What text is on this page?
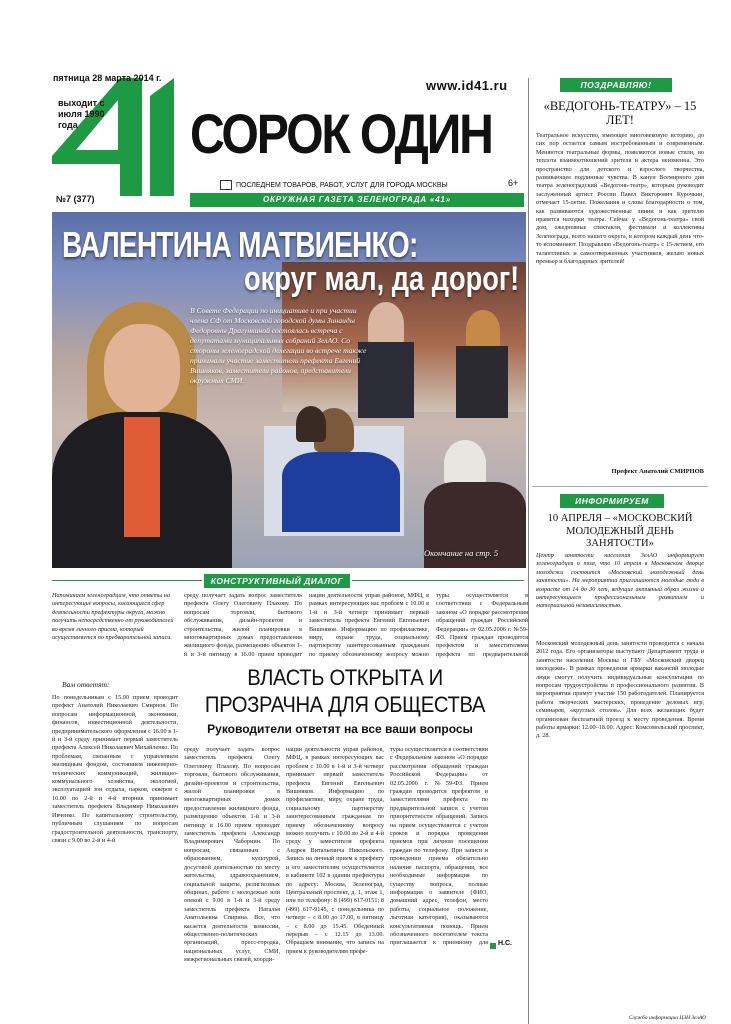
пятница 28 марта 2014 г.
выходит с июля 1990 года
№7 (377)
www.id41.ru
СОРОК ОДИН
ПОСЛЕДНЕМ ТОВАРОВ, РАБОТ, УСЛУГ ДЛЯ ГОРОДА МОСКВЫ	6+
ОКРУЖНАЯ ГАЗЕТА ЗЕЛЕНОГРАДА «41»
ВАЛЕНТИНА МАТВИЕНКО:
округ мал, да дорог!
В Совете Федерации по инициативе и при участии члена СФ от Московской городской думы Зинаиды Федоровны Драгункиной состоялась встреча с депутатами муниципальных собраний ЗелАО. Со стороны зеленоградской делегации во встрече также принимали участие заместитель префекта Евгений Вишняков, заместители районов, представители окружных СМИ.
Окончание на стр. 5
КОНСТРУКТИВНЫЙ ДИАЛОГ
Напоминаем зеленоградцам, что ответы на интересующие вопросы, касающиеся сфер деятельности префектуры округа, можно получить непосредственно от руководителей во время личного приема, который осуществляется по предварительной записи.
Вам ответят:
По понедельникам с 15.00 прием проводит префект Анатолий Николаевич Смирнов. По вопросам информационной, экономики, финансов, инвестиционной деятельности, предпринимательского оформления с 16.00 в 1-й и 3-й среду принимает первый заместитель префекта Алексей Николаевич Михайленко. По проблемам, связанным с управлением жилищным фондом, состоянием инженерно-технических коммуникаций, жилищно-коммунального хозяйства, экологией, эксплуатацией зон отдыха, парков, скверов с 10.00 по 2-й и 4-й вторник принимает заместитель префекта Владимир Николаевич Ивченко. По капитальному строительству, публичным слушаниям по вопросам градостроительной деятельности, транспорту, связи с 9.00 во 2-й и 4-й
среду получает задать вопрос заместитель префекта Олегу Олеговичу Плахову. По вопросам торговли, бытового обслуживания, дизайн-проектов и строительства, жилой планировки в многоквартирных домах предоставления жилищного фонда, размещению объектов 1-й и 3-й пятницу в 16.00 прием проводит
нации деятельности управ районов, МФЦ, в рамках интересующих вас проблем с 10.00 в 1-й и 3-й четверг принимает первый заместитель префекта Евгений Евгеньевич Вишняков. Информацию по профилактике, миру, охране труда, социальному партнерству заинтересованным гражданам по приему обозначенному вопросу можно
туры осуществляется в соответствии с Федеральным законом «О порядке рассмотрения обращений граждан Российской Федерации» от 02.05.2006 г. №59-ФЗ. Прием граждан проводится префектом и заместителями префекта по предварительной
ВЛАСТЬ ОТКРЫТА И ПРОЗРАЧНА ДЛЯ ОБЩЕСТВА
Руководители ответят на все ваши вопросы
среду получает задать вопрос заместитель префекта Олегу Олеговичу Плахову. По вопросам торговли, бытового обслуживания, дизайн-проектов и строительства, жилой планировки в многоквартирных домах предоставления жилищного фонда, размещению объектов 1-й и 3-й пятницу в 16.00 прием проводит заместитель префекта Александр Владимирович Чаборнин. По вопросам, связанным с образованием, культурой, досуговой деятельностью по месту жительства, здравоохранением, социальной защиты, религиозных общинах, работе с молодежью или опекой с 9.00 в 1-й и 3-й среду заместитель префекта Наталья Анатольевна Спирина. Все, что касается деятельности комиссии, общественно-политических организаций, пресс-городка, национальных услуг, СМИ, межрегиональных связей, коорди-
нации деятельности управ районов, МФЦ, в рамках интересующих вас проблем с 10.00 в 1-й и 3-й четверг принимает первый заместитель префекта Евгений Евгеньевич Вишняков. Информацию по профилактике, миру, охране труда, социальному партнерству заинтересованным гражданам по приему обозначенному вопросу можно получить с 10.00 во 2-й и 4-й среду у заместителя префекта Андрея Витальевича Никольского. Запись на личный прием к префекту и его заместителям осуществляется в кабинете 102 в здании префектуры по адресу: Москва, Зеленоград, Центральный проспект, д. 1, этаж 1, или по телефону: 8 (499) 617-0151; 8 (499) 617-9145, с понедельника по четверг – с 8.00 до 17.00, в пятницу – с 8.00 до 15.45. Обеденный перерыв – с 12.15 до 13.00. Обращаем внимание, что запись на прием к руководителям префе-
туры осуществляется в соответствии с Федеральным законом «О порядке рассмотрения обращений граждан Российской Федерации» от 02.05.2006 г. №59-ФЗ. Прием граждан проводится префектом и заместителями префекта по предварительной записи с учетом приоритетности обращений. Запись на прием осуществляется с учетом сроков и порядка проведения приемов при личном посещении граждан по телефону. При записи и проведении приема обязательно наличие паспорта, обращения, все необходимые информация по существу вопроса, полные информация о заявителе (ФИО, домашний адрес, телефон, место работы, социальное положение, льготная категория), оказываются консультативная помощь. Прием обозначенного посетителем текста приглашается к приемному для Н.С.
ПОЗДРАВЛЯЮ!
«ВЕДОГОНЬ-ТЕАТРУ» – 15 ЛЕТ!
Театральное искусство, имеющее многовековую историю, до сих пор остается самым востребованным и современным. Меняются театральные формы, появляются новые стили, но теплота взаимоотношений зрителя и актера неизменна. Это пространство для детского и взрослого творчества, развивающее подлинные чувства. В канун Всемирного дня театра зеленоградский «Ведогонь-театр», которым руководит заслуженный артист России Павел Викторович Курочкин, отмечает 15-летие. Пожелания и слова благодарности о том, как развиваются художественные линии и как зрителю нравятся находки театра. Сейчас у «Ведогонь-театра» свой дом, ежедневные спектакли, фестивали и коллективы Зеленограда, всего нашего округа, в котором каждый день что-то вспоминают. Поздравляю «Ведогонь-театр» с 15-летием, его талантливых и самоотверженных участников, желаю новых премьер и благодарных зрителей!
Префект Анатолий СМИРНОВ
ИНФОРМИРУЕМ
10 АПРЕЛЯ – «МОСКОВСКИЙ МОЛОДЕЖНЫЙ ДЕНЬ ЗАНЯТОСТИ»
Центр занятости населения ЗелАО информирует зеленоградцев о том, что 10 апреля в Московском дворце молодежи состоится «Московский молодежный день занятости». На мероприятии приглашаются молодые люди в возрасте от 14 до 30 лет, ведущие активный образ жизни и интересующиеся профессиональным развитием и материальной независимостью.
Московский молодежный день занятости проводится с начала 2012 года. Его организаторы выступают Департамент труда и занятости населения Москвы и ГБУ «Московский дворец молодежи». В рамках проведения ярмарки вакансий молодые люди смогут получить индивидуальные консультации по вопросам трудоустройства и профессионального развития. В мероприятии примут участие 150 работодателей. Планируется работа творческих мастерских, проведение деловых игр, семинаров, «круглых столов». Для всех желающих будет организован бесплатный проезд к месту проведения. Время работы ярмарки: 12.00–18.00. Адрес: Комсомольский проспект, д. 28.
Служба информации ЦЗН ЗелАО
